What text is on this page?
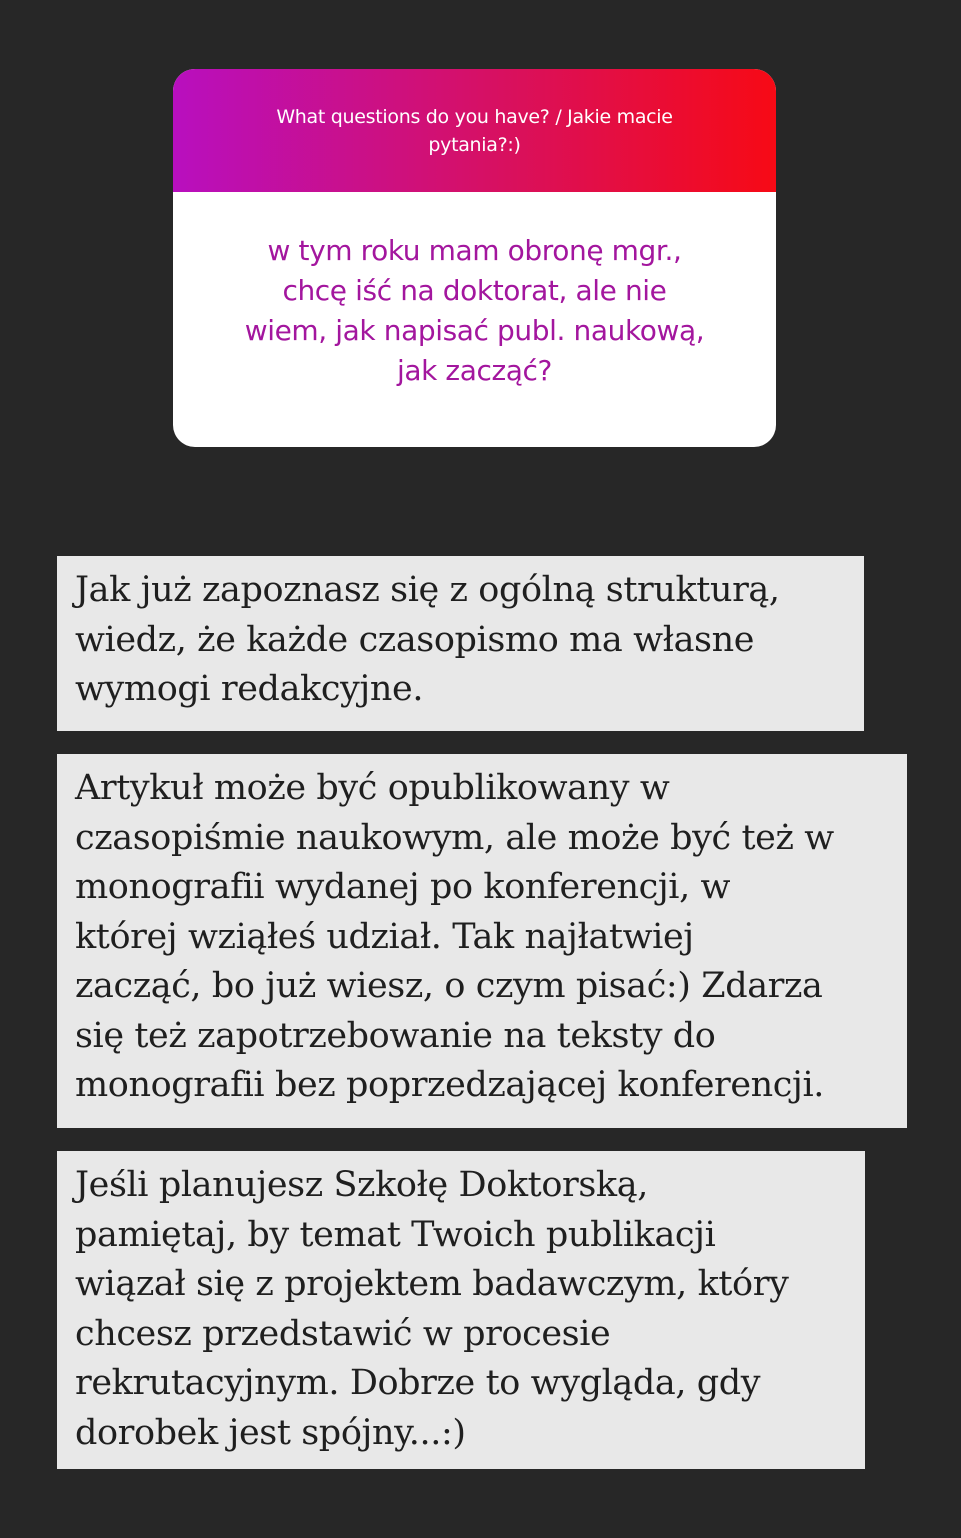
What questions do you have? / Jakie macie
pytania?:)
w tym roku mam obronę mgr.,
chcę iść na doktorat, ale nie
wiem, jak napisać publ. naukową,
jak zacząć?
Jak już zapoznasz się z ogólną strukturą,
wiedz, że każde czasopismo ma własne
wymogi redakcyjne.
Artykuł może być opublikowany w
czasopiśmie naukowym, ale może być też w
monografii wydanej po konferencji, w
której wziąłeś udział. Tak najłatwiej
zacząć, bo już wiesz, o czym pisać:) Zdarza
się też zapotrzebowanie na teksty do
monografii bez poprzedzającej konferencji.
Jeśli planujesz Szkołę Doktorską,
pamiętaj, by temat Twoich publikacji
wiązał się z projektem badawczym, który
chcesz przedstawić w procesie
rekrutacyjnym. Dobrze to wygląda, gdy
dorobek jest spójny...:)
